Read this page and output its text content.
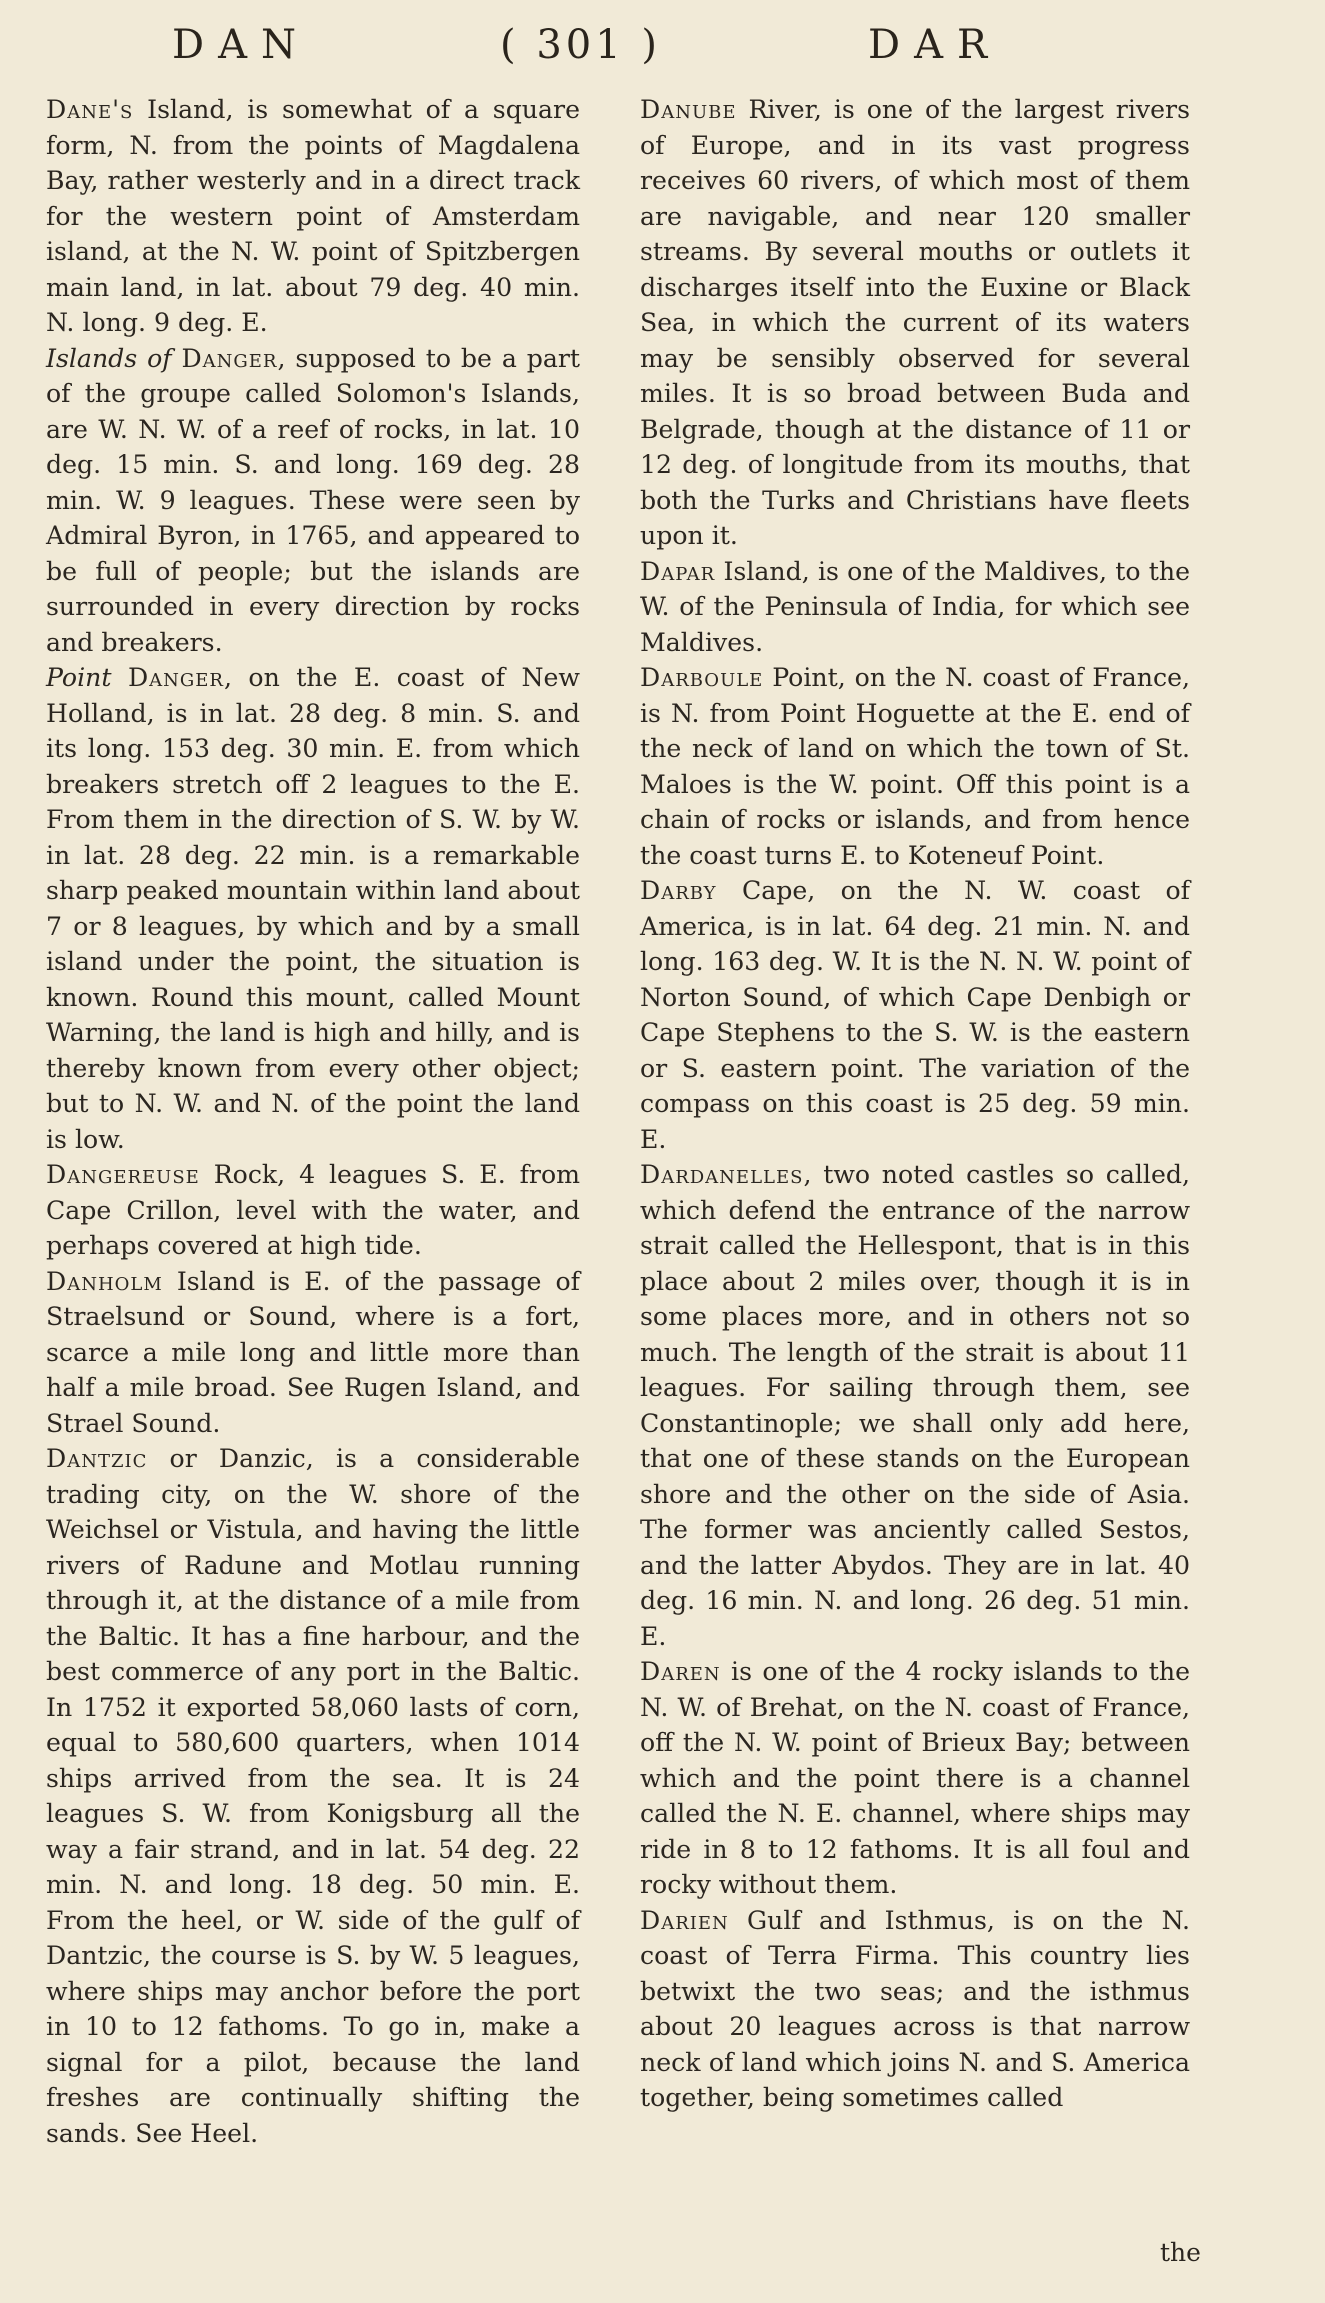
DAN	( 301 )	DAR

Dane's Island, is somewhat of a square form, N. from the points of Magdalena Bay, rather westerly and in a direct track for the western point of Amsterdam island, at the N. W. point of Spitzbergen main land, in lat. about 79 deg. 40 min. N. long. 9 deg. E.

Islands of Danger, supposed to be a part of the groupe called Solomon's Islands, are W. N. W. of a reef of rocks, in lat. 10 deg. 15 min. S. and long. 169 deg. 28 min. W. 9 leagues. These were seen by Admiral Byron, in 1765, and appeared to be full of people; but the islands are surrounded in every direction by rocks and breakers.

Point Danger, on the E. coast of New Holland, is in lat. 28 deg. 8 min. S. and its long. 153 deg. 30 min. E. from which breakers stretch off 2 leagues to the E. From them in the direction of S. W. by W. in lat. 28 deg. 22 min. is a remarkable sharp peaked mountain within land about 7 or 8 leagues, by which and by a small island under the point, the situation is known. Round this mount, called Mount Warning, the land is high and hilly, and is thereby known from every other object; but to N. W. and N. of the point the land is low.

Dangereuse Rock, 4 leagues S. E. from Cape Crillon, level with the water, and perhaps covered at high tide.

Danholm Island is E. of the passage of Straelsund or Sound, where is a fort, scarce a mile long and little more than half a mile broad. See Rugen Island, and Strael Sound.

Dantzic or Danzic, is a considerable trading city, on the W. shore of the Weichsel or Vistula, and having the little rivers of Radune and Motlau running through it, at the distance of a mile from the Baltic. It has a fine harbour, and the best commerce of any port in the Baltic. In 1752 it exported 58,060 lasts of corn, equal to 580,600 quarters, when 1014 ships arrived from the sea. It is 24 leagues S. W. from Konigsburg all the way a fair strand, and in lat. 54 deg. 22 min. N. and long. 18 deg. 50 min. E. From the heel, or W. side of the gulf of Dantzic, the course is S. by W. 5 leagues, where ships may anchor before the port in 10 to 12 fathoms. To go in, make a signal for a pilot, because the land freshes are continually shifting the sands. See Heel.

Danube River, is one of the largest rivers of Europe, and in its vast progress receives 60 rivers, of which most of them are navigable, and near 120 smaller streams. By several mouths or outlets it discharges itself into the Euxine or Black Sea, in which the current of its waters may be sensibly observed for several miles. It is so broad between Buda and Belgrade, though at the distance of 11 or 12 deg. of longitude from its mouths, that both the Turks and Christians have fleets upon it.

Dapar Island, is one of the Maldives, to the W. of the Peninsula of India, for which see Maldives.

Darboule Point, on the N. coast of France, is N. from Point Hoguette at the E. end of the neck of land on which the town of St. Maloes is the W. point. Off this point is a chain of rocks or islands, and from hence the coast turns E. to Koteneuf Point.

Darby Cape, on the N. W. coast of America, is in lat. 64 deg. 21 min. N. and long. 163 deg. W. It is the N. N. W. point of Norton Sound, of which Cape Denbigh or Cape Stephens to the S. W. is the eastern or S. eastern point. The variation of the compass on this coast is 25 deg. 59 min. E.

Dardanelles, two noted castles so called, which defend the entrance of the narrow strait called the Hellespont, that is in this place about 2 miles over, though it is in some places more, and in others not so much. The length of the strait is about 11 leagues. For sailing through them, see Constantinople; we shall only add here, that one of these stands on the European shore and the other on the side of Asia. The former was anciently called Sestos, and the latter Abydos. They are in lat. 40 deg. 16 min. N. and long. 26 deg. 51 min. E.

Daren is one of the 4 rocky islands to the N. W. of Brehat, on the N. coast of France, off the N. W. point of Brieux Bay; between which and the point there is a channel called the N. E. channel, where ships may ride in 8 to 12 fathoms. It is all foul and rocky without them.

Darien Gulf and Isthmus, is on the N. coast of Terra Firma. This country lies betwixt the two seas; and the isthmus about 20 leagues across is that narrow neck of land which joins N. and S. America together, being sometimes called

the
